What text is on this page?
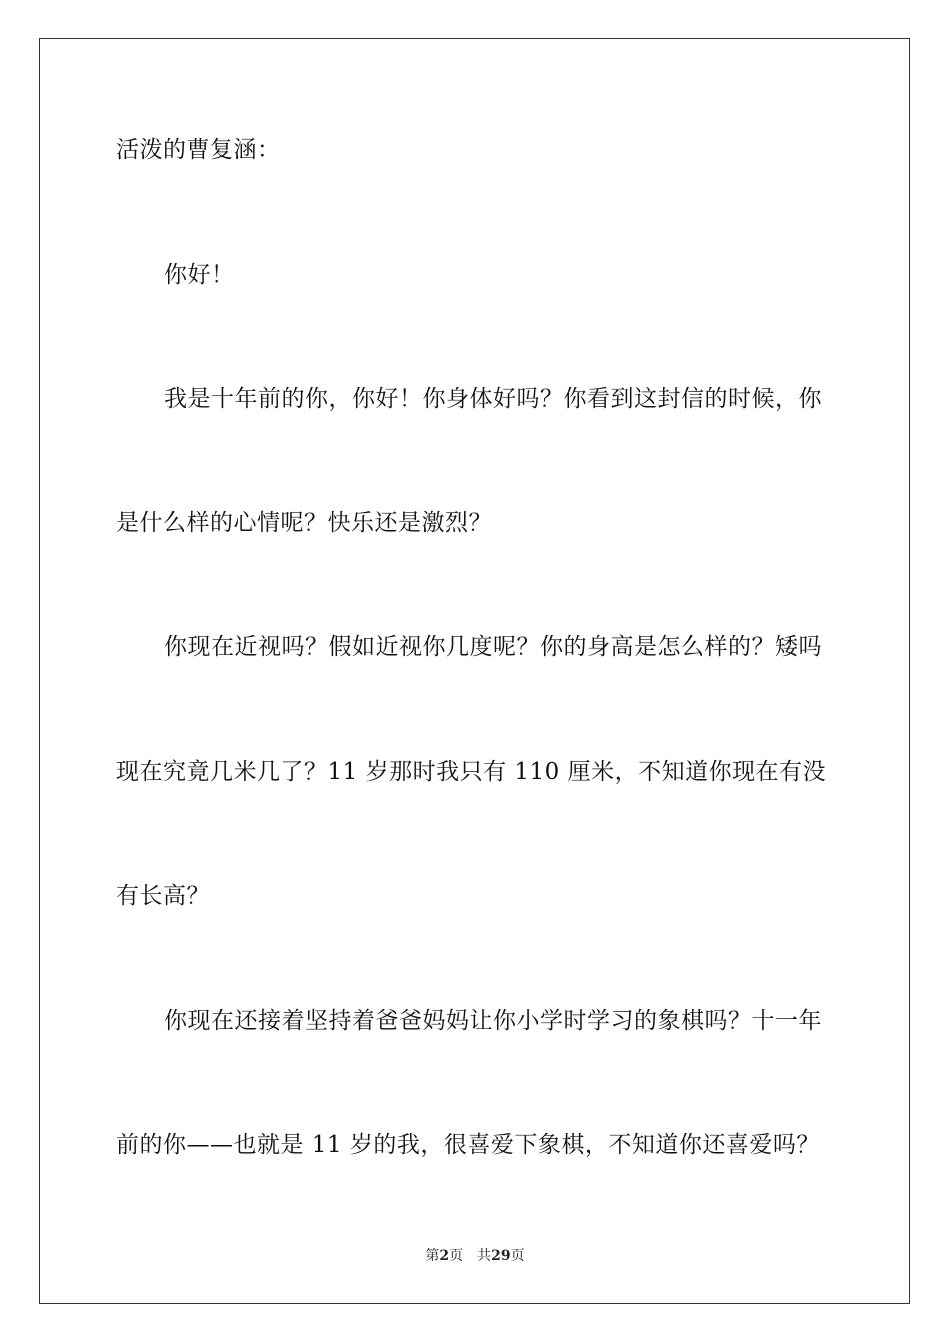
活泼的曹复涵：
你好！
我是十年前的你，你好！你身体好吗？你看到这封信的时候，你
是什么样的心情呢？快乐还是激烈？
你现在近视吗？假如近视你几度呢？你的身高是怎么样的？矮吗
现在究竟几米几了？11 岁那时我只有 110 厘米，不知道你现在有没
有长高？
你现在还接着坚持着爸爸妈妈让你小学时学习的象棋吗？十一年
前的你——也就是 11 岁的我，很喜爱下象棋，不知道你还喜爱吗？
第2页　共29页
